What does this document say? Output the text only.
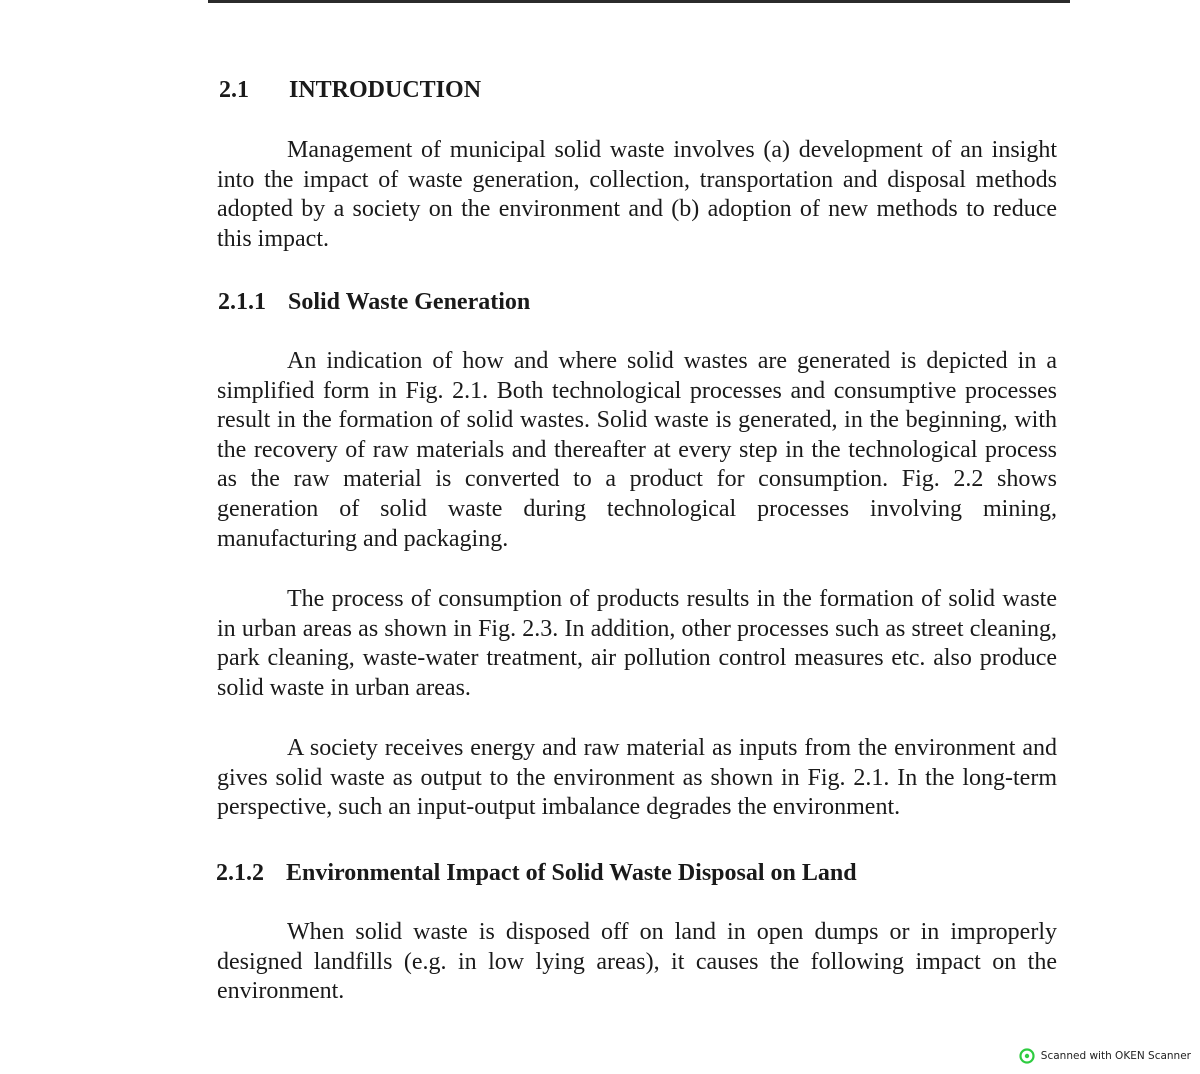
2.1 INTRODUCTION

Management of municipal solid waste involves (a) development of an insight into the impact of waste generation, collection, transportation and disposal methods adopted by a society on the environment and (b) adoption of new methods to reduce this impact.

2.1.1 Solid Waste Generation

An indication of how and where solid wastes are generated is depicted in a simplified form in Fig. 2.1. Both technological processes and consumptive processes result in the formation of solid wastes. Solid waste is generated, in the beginning, with the recovery of raw materials and thereafter at every step in the technological process as the raw material is converted to a product for consumption. Fig. 2.2 shows generation of solid waste during technological processes involving mining, manufacturing and packaging.

The process of consumption of products results in the formation of solid waste in urban areas as shown in Fig. 2.3. In addition, other processes such as street cleaning, park cleaning, waste-water treatment, air pollution control measures etc. also produce solid waste in urban areas.

A society receives energy and raw material as inputs from the environment and gives solid waste as output to the environment as shown in Fig. 2.1. In the long-term perspective, such an input-output imbalance degrades the environment.

2.1.2 Environmental Impact of Solid Waste Disposal on Land

When solid waste is disposed off on land in open dumps or in improperly designed landfills (e.g. in low lying areas), it causes the following impact on the environment.

Scanned with OKEN Scanner
